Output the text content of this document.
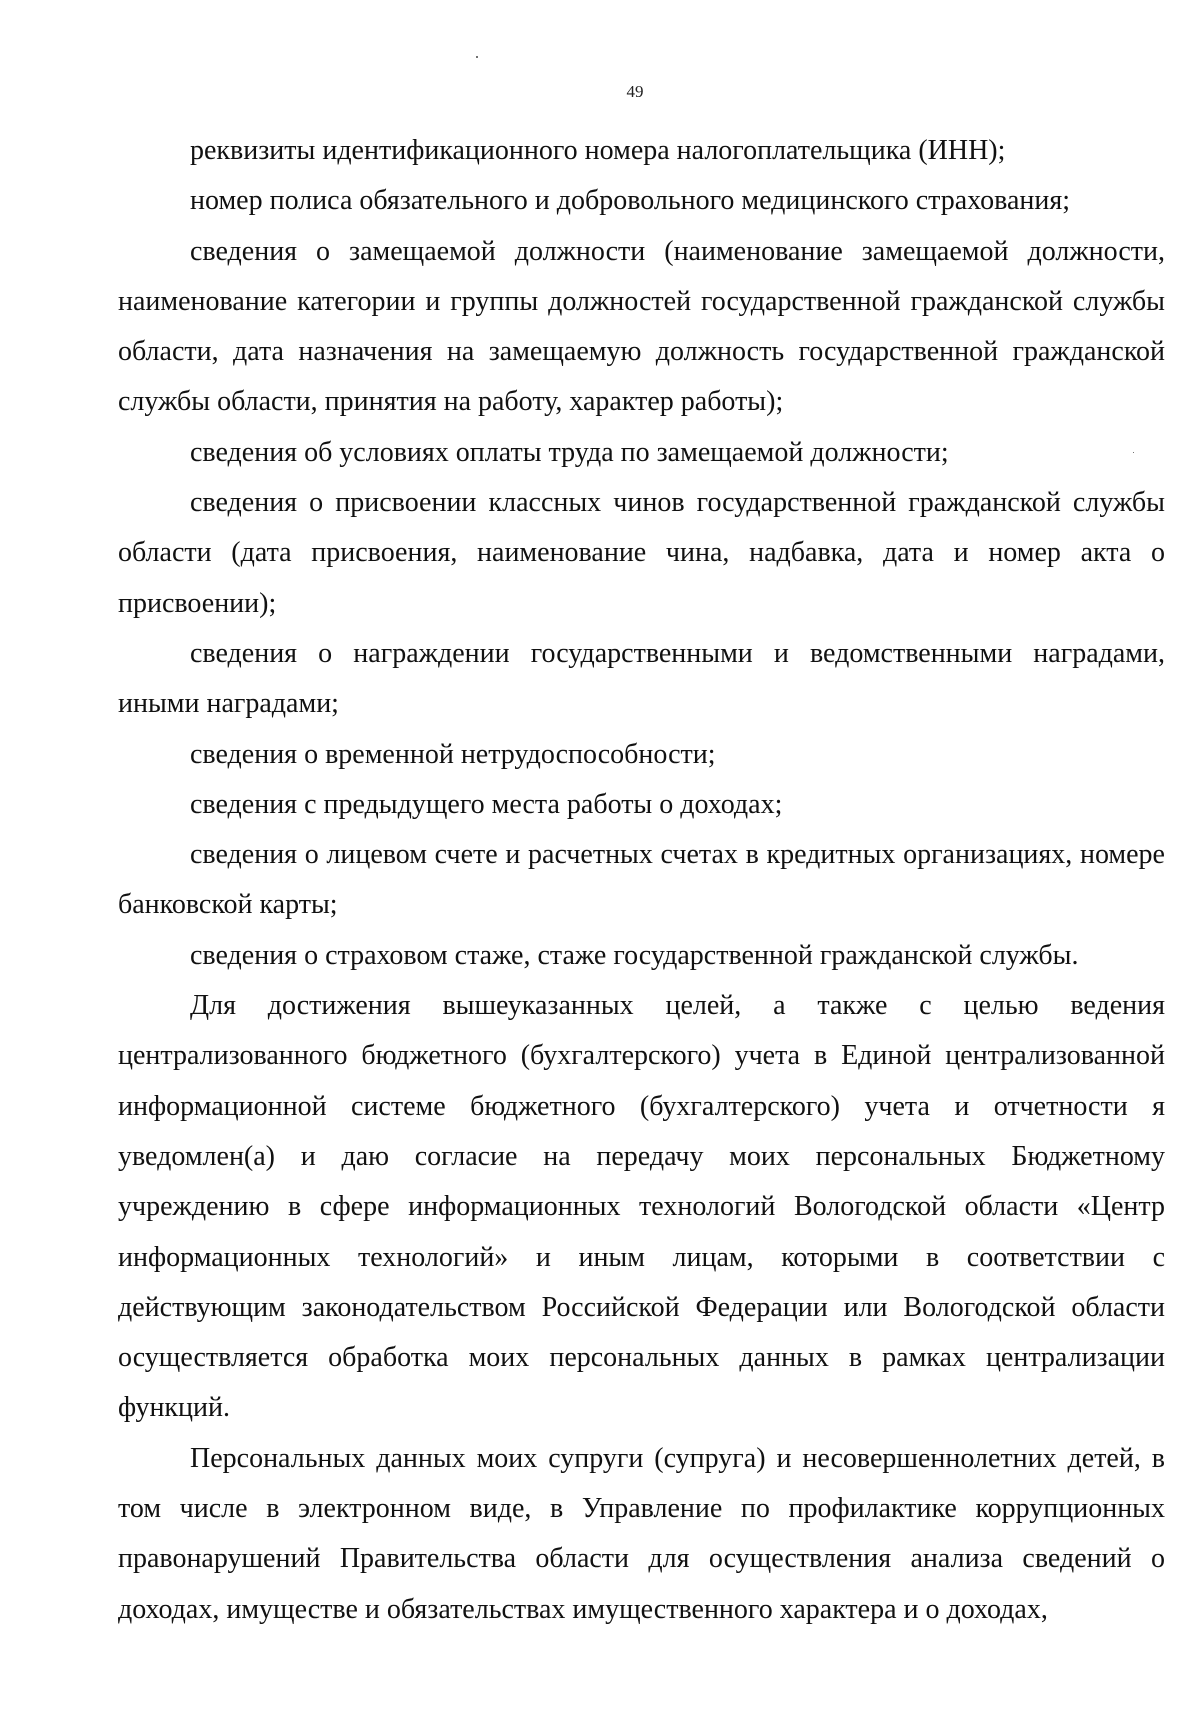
49

реквизиты идентификационного номера налогоплательщика (ИНН);

номер полиса обязательного и добровольного медицинского страхования;

сведения о замещаемой должности (наименование замещаемой должности, наименование категории и группы должностей государственной гражданской службы области, дата назначения на замещаемую должность государственной гражданской службы области, принятия на работу, характер работы);

сведения об условиях оплаты труда по замещаемой должности;

сведения о присвоении классных чинов государственной гражданской службы области (дата присвоения, наименование чина, надбавка, дата и номер акта о присвоении);

сведения о награждении государственными и ведомственными наградами, иными наградами;

сведения о временной нетрудоспособности;

сведения с предыдущего места работы о доходах;

сведения о лицевом счете и расчетных счетах в кредитных организациях, номере банковской карты;

сведения о страховом стаже, стаже государственной гражданской службы.

Для достижения вышеуказанных целей, а также с целью ведения централизованного бюджетного (бухгалтерского) учета в Единой централизованной информационной системе бюджетного (бухгалтерского) учета и отчетности я уведомлен(а) и даю согласие на передачу моих персональных Бюджетному учреждению в сфере информационных технологий Вологодской области «Центр информационных технологий» и иным лицам, которыми в соответствии с действующим законодательством Российской Федерации или Вологодской области осуществляется обработка моих персональных данных в рамках централизации функций.

Персональных данных моих супруги (супруга) и несовершеннолетних детей, в том числе в электронном виде, в Управление по профилактике коррупционных правонарушений Правительства области для осуществления анализа сведений о доходах, имуществе и обязательствах имущественного характера и о доходах,
